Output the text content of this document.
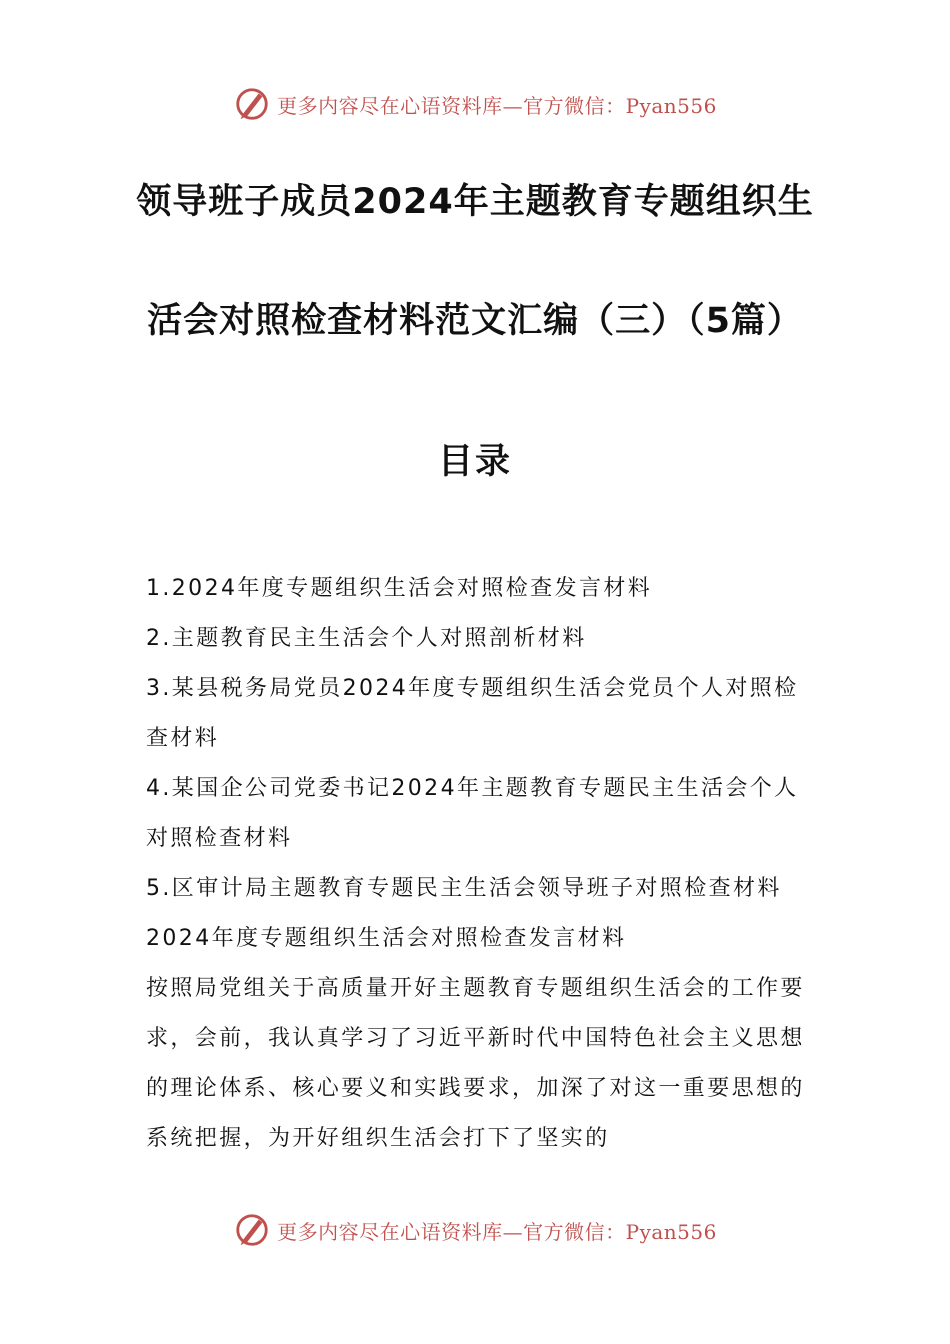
更多内容尽在心语资料库—官方微信：Pyan556
领导班子成员2024年主题教育专题组织生
活会对照检查材料范文汇编（三）（5篇）
目录

1.2024年度专题组织生活会对照检查发言材料

2.主题教育民主生活会个人对照剖析材料

3.某县税务局党员2024年度专题组织生活会党员个人对照检查材料

4.某国企公司党委书记2024年主题教育专题民主生活会个人对照检查材料

5.区审计局主题教育专题民主生活会领导班子对照检查材料

2024年度专题组织生活会对照检查发言材料

按照局党组关于高质量开好主题教育专题组织生活会的工作要求，会前，我认真学习了习近平新时代中国特色社会主义思想的理论体系、核心要义和实践要求，加深了对这一重要思想的系统把握，为开好组织生活会打下了坚实的

更多内容尽在心语资料库—官方微信：Pyan556
